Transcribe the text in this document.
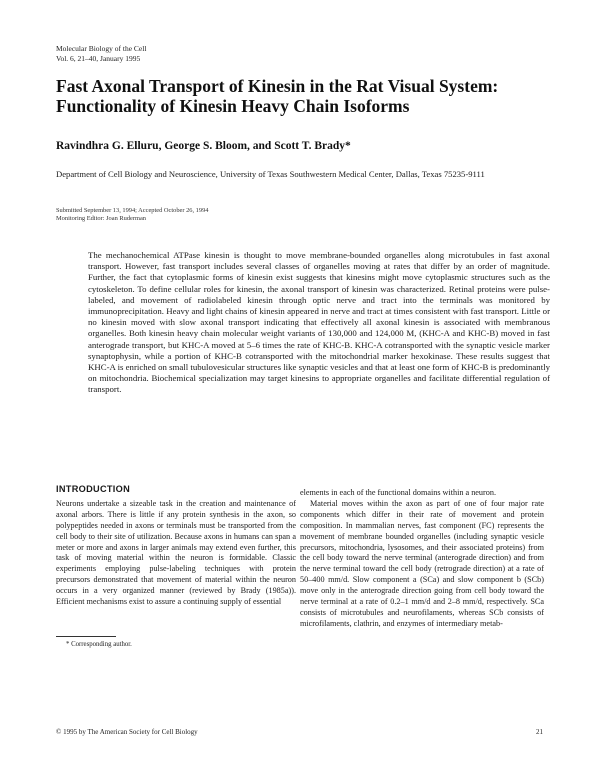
Molecular Biology of the Cell
Vol. 6, 21–40, January 1995
Fast Axonal Transport of Kinesin in the Rat Visual System: Functionality of Kinesin Heavy Chain Isoforms
Ravindhra G. Elluru, George S. Bloom, and Scott T. Brady*
Department of Cell Biology and Neuroscience, University of Texas Southwestern Medical Center, Dallas, Texas 75235-9111
Submitted September 13, 1994; Accepted October 26, 1994
Monitoring Editor: Joan Ruderman

The mechanochemical ATPase kinesin is thought to move membrane-bounded organelles along microtubules in fast axonal transport. However, fast transport includes several classes of organelles moving at rates that differ by an order of magnitude. Further, the fact that cytoplasmic forms of kinesin exist suggests that kinesins might move cytoplasmic structures such as the cytoskeleton. To define cellular roles for kinesin, the axonal transport of kinesin was characterized. Retinal proteins were pulse-labeled, and movement of radiolabeled kinesin through optic nerve and tract into the terminals was monitored by immunoprecipitation. Heavy and light chains of kinesin appeared in nerve and tract at times consistent with fast transport. Little or no kinesin moved with slow axonal transport indicating that effectively all axonal kinesin is associated with membranous organelles. Both kinesin heavy chain molecular weight variants of 130,000 and 124,000 M, (KHC-A and KHC-B) moved in fast anterograde transport, but KHC-A moved at 5–6 times the rate of KHC-B. KHC-A cotransported with the synaptic vesicle marker synaptophysin, while a portion of KHC-B cotransported with the mitochondrial marker hexokinase. These results suggest that KHC-A is enriched on small tubulovesicular structures like synaptic vesicles and that at least one form of KHC-B is predominantly on mitochondria. Biochemical specialization may target kinesins to appropriate organelles and facilitate differential regulation of transport.

INTRODUCTION

Neurons undertake a sizeable task in the creation and maintenance of axonal arbors. There is little if any protein synthesis in the axon, so polypeptides needed in axons or terminals must be transported from the cell body to their site of utilization. Because axons in humans can span a meter or more and axons in larger animals may extend even further, this task of moving material within the neuron is formidable. Classic experiments employing pulse-labeling techniques with protein precursors demonstrated that movement of material within the neuron occurs in a very organized manner (reviewed by Brady (1985a)). Efficient mechanisms exist to assure a continuing supply of essential

elements in each of the functional domains within a neuron.

Material moves within the axon as part of one of four major rate components which differ in their rate of movement and protein composition. In mammalian nerves, fast component (FC) represents the movement of membrane bounded organelles (including synaptic vesicle precursors, mitochondria, lysosomes, and their associated proteins) from the cell body toward the nerve terminal (anterograde direction) and from the nerve terminal toward the cell body (retrograde direction) at a rate of 50–400 mm/d. Slow component a (SCa) and slow component b (SCb) move only in the anterograde direction going from cell body toward the nerve terminal at a rate of 0.2–1 mm/d and 2–8 mm/d, respectively. SCa consists of microtubules and neurofilaments, whereas SCb consists of microfilaments, clathrin, and enzymes of intermediary metab-

* Corresponding author.
© 1995 by The American Society for Cell Biology	21
